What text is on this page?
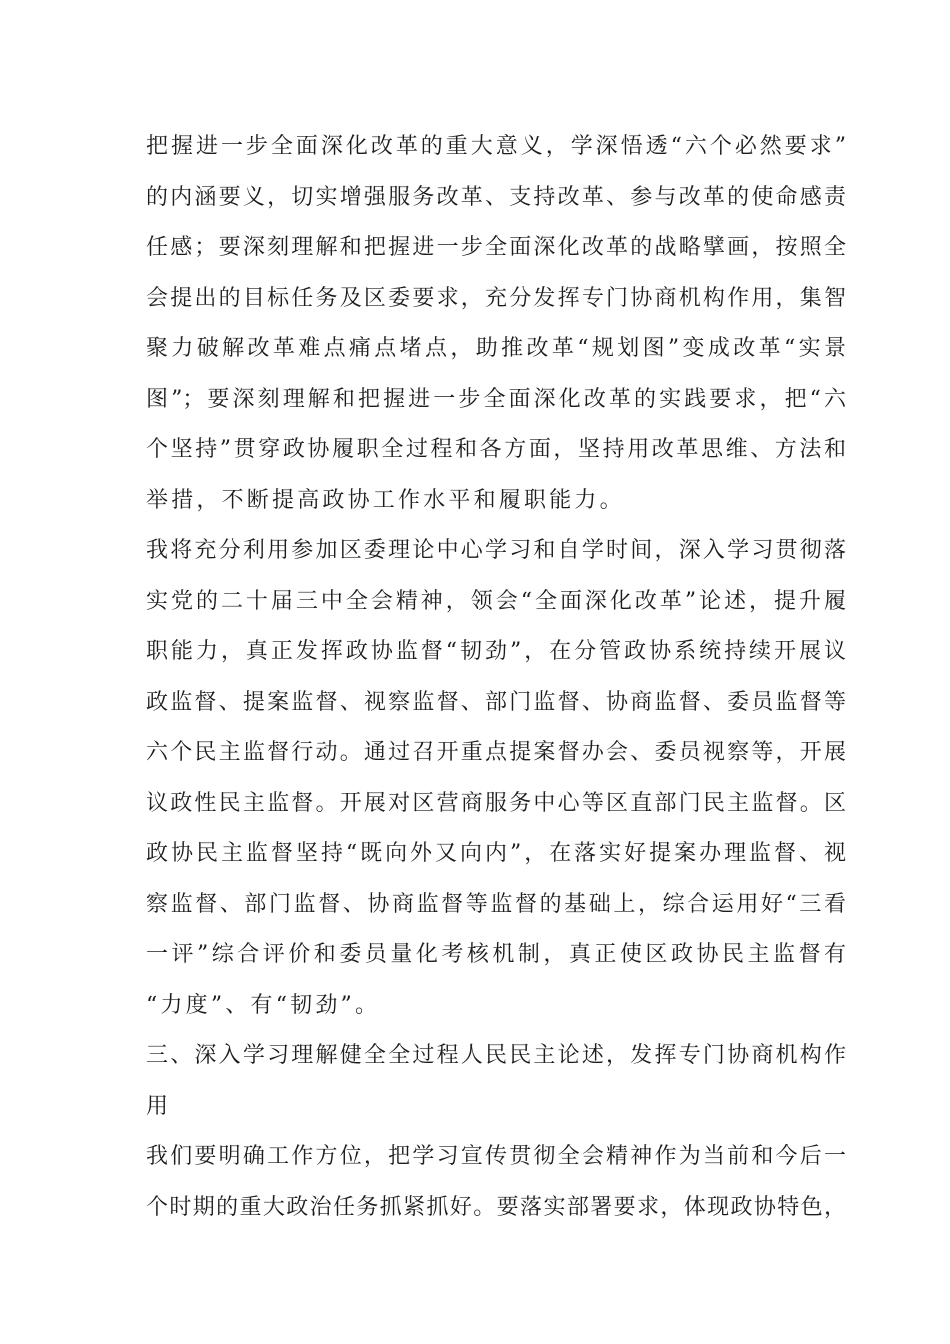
把握进一步全面深化改革的重大意义，学深悟透“六个必然要求”
的内涵要义，切实增强服务改革、支持改革、参与改革的使命感责
任感；要深刻理解和把握进一步全面深化改革的战略擘画，按照全
会提出的目标任务及区委要求，充分发挥专门协商机构作用，集智
聚力破解改革难点痛点堵点，助推改革“规划图”变成改革“实景
图”；要深刻理解和把握进一步全面深化改革的实践要求，把“六
个坚持”贯穿政协履职全过程和各方面，坚持用改革思维、方法和
举措，不断提高政协工作水平和履职能力。
我将充分利用参加区委理论中心学习和自学时间，深入学习贯彻落
实党的二十届三中全会精神，领会“全面深化改革”论述，提升履
职能力，真正发挥政协监督“韧劲”，在分管政协系统持续开展议
政监督、提案监督、视察监督、部门监督、协商监督、委员监督等
六个民主监督行动。通过召开重点提案督办会、委员视察等，开展
议政性民主监督。开展对区营商服务中心等区直部门民主监督。区
政协民主监督坚持“既向外又向内”，在落实好提案办理监督、视
察监督、部门监督、协商监督等监督的基础上，综合运用好“三看
一评”综合评价和委员量化考核机制，真正使区政协民主监督有
“力度”、有“韧劲”。
三、深入学习理解健全全过程人民民主论述，发挥专门协商机构作
用
我们要明确工作方位，把学习宣传贯彻全会精神作为当前和今后一
个时期的重大政治任务抓紧抓好。要落实部署要求，体现政协特色，
